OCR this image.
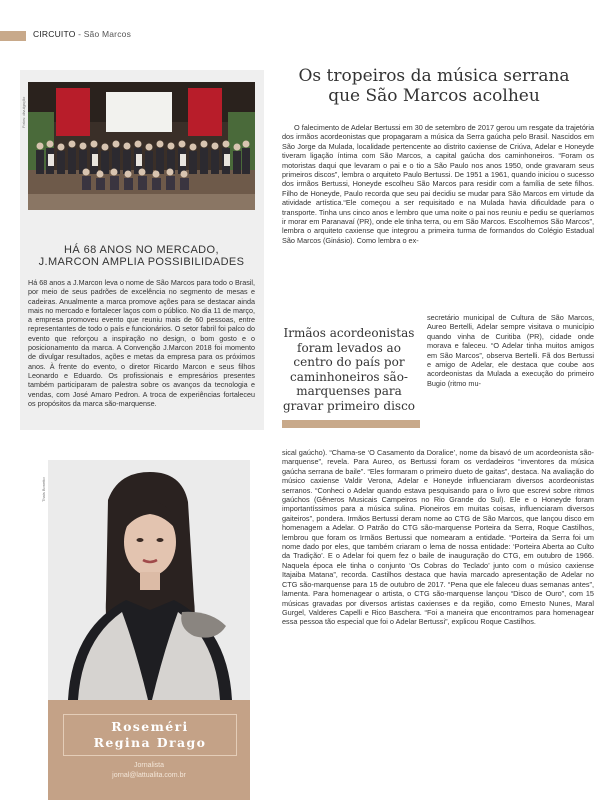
CIRCUITO - São Marcos
Fotos: divulgação
HÁ 68 ANOS NO MERCADO,
J.MARCON AMPLIA POSSIBILIDADES

Há 68 anos a J.Marcon leva o nome de São Marcos para todo o Brasil, por meio de seus padrões de excelência no segmento de mesas e cadeiras. Anualmente a marca promove ações para se destacar ainda mais no mercado e fortalecer laços com o público. No dia 11 de março, a empresa promoveu evento que reuniu mais de 60 pessoas, entre representantes de todo o país e funcionários. O setor fabril foi palco do evento que reforçou a inspiração no design, o bom gosto e o posicionamento da marca. A Convenção J.Marcon 2018 foi momento de divulgar resultados, ações e metas da empresa para os próximos anos. À frente do evento, o diretor Ricardo Marcon e seus filhos Leonardo e Eduardo. Os profissionais e empresários presentes também participaram de palestra sobre os avanços da tecnologia e vendas, com José Amaro Pedron. A troca de experiências fortaleceu os propósitos da marca são-marquense.

Roseméri
Regina Drago
Jornalista
jornal@lattualita.com.br
Thais Bonetto
Os tropeiros da música serrana
que São Marcos acolheu

O falecimento de Adelar Bertussi em 30 de setembro de 2017 gerou um resgate da trajetória dos irmãos acordeonistas que propagaram a música da Serra gaúcha pelo Brasil. Nascidos em São Jorge da Mulada, localidade pertencente ao distrito caxiense de Criúva, Adelar e Honeyde tiveram ligação íntima com São Marcos, a capital gaúcha dos caminhoneiros. “Foram os motoristas daqui que levaram o pai e o tio a São Paulo nos anos 1950, onde gravaram seus primeiros discos”, lembra o arquiteto Paulo Bertussi. De 1951 a 1961, quando iniciou o sucesso dos irmãos Bertussi, Honeyde escolheu São Marcos para residir com a família de sete filhos. Filho de Honeyde, Paulo recorda que seu pai decidiu se mudar para São Marcos em virtude da atividade artística.“Ele começou a ser requisitado e na Mulada havia dificuldade para o transporte. Tinha uns cinco anos e lembro que uma noite o pai nos reuniu e pediu se queríamos ir morar em Paranavaí (PR), onde ele tinha terra, ou em São Marcos. Escolhemos São Marcos”, lembra o arquiteto caxiense que integrou a primeira turma de formandos do Colégio Estadual São Marcos (Ginásio). Como lembra o ex-

Irmãos acordeonistas foram levados ao centro do país por caminhoneiros são-marquenses para gravar primeiro disco

secretário municipal de Cultura de São Marcos, Aureo Bertelli, Adelar sempre visitava o município quando vinha de Curitiba (PR), cidade onde morava e faleceu. “O Adelar tinha muitos amigos em São Marcos”, observa Bertelli. Fã dos Bertussi e amigo de Adelar, ele destaca que coube aos acordeonistas da Mulada a execução do primeiro Bugio (ritmo mu-

sical gaúcho). “Chama-se ‘O Casamento da Doralice’, nome da bisavó de um acordeonista são-marquense”, revela. Para Aureo, os Bertussi foram os verdadeiros “inventores da música gaúcha serrana de baile”. “Eles formaram o primeiro dueto de gaitas”, destaca. Na avaliação do músico caxiense Valdir Verona, Adelar e Honeyde influenciaram diversos acordeonistas serranos. “Conheci o Adelar quando estava pesquisando para o livro que escrevi sobre ritmos gaúchos (Gêneros Musicais Campeiros no Rio Grande do Sul). Ele e o Honeyde foram importantíssimos para a música sulina. Pioneiros em muitas coisas, influenciaram diversos gaiteiros”, pondera. Irmãos Bertussi deram nome ao CTG de São Marcos, que lançou disco em homenagem a Adelar. O Patrão do CTG são-marquense Porteira da Serra, Roque Castilhos, lembrou que foram os Irmãos Bertussi que nomearam a entidade. “Porteira da Serra foi um nome dado por eles, que também criaram o lema de nossa entidade: ‘Porteira Aberta ao Culto da Tradição’. E o Adelar foi quem fez o baile de inauguração do CTG, em outubro de 1966. Naquela época ele tinha o conjunto ‘Os Cobras do Teclado’ junto com o músico caxiense Itajaiba Matana”, recorda. Castilhos destaca que havia marcado apresentação de Adelar no CTG são-marquense para 15 de outubro de 2017. “Pena que ele faleceu duas semanas antes”, lamenta. Para homenagear o artista, o CTG são-marquense lançou “Disco de Ouro”, com 15 músicas gravadas por diversos artistas caxienses e da região, como Ernesto Nunes, Maral Gurgel, Valderes Capelli e Rico Baschera. “Foi a maneira que encontramos para homenagear essa pessoa tão especial que foi o Adelar Bertussi”, explicou Roque Castilhos.
